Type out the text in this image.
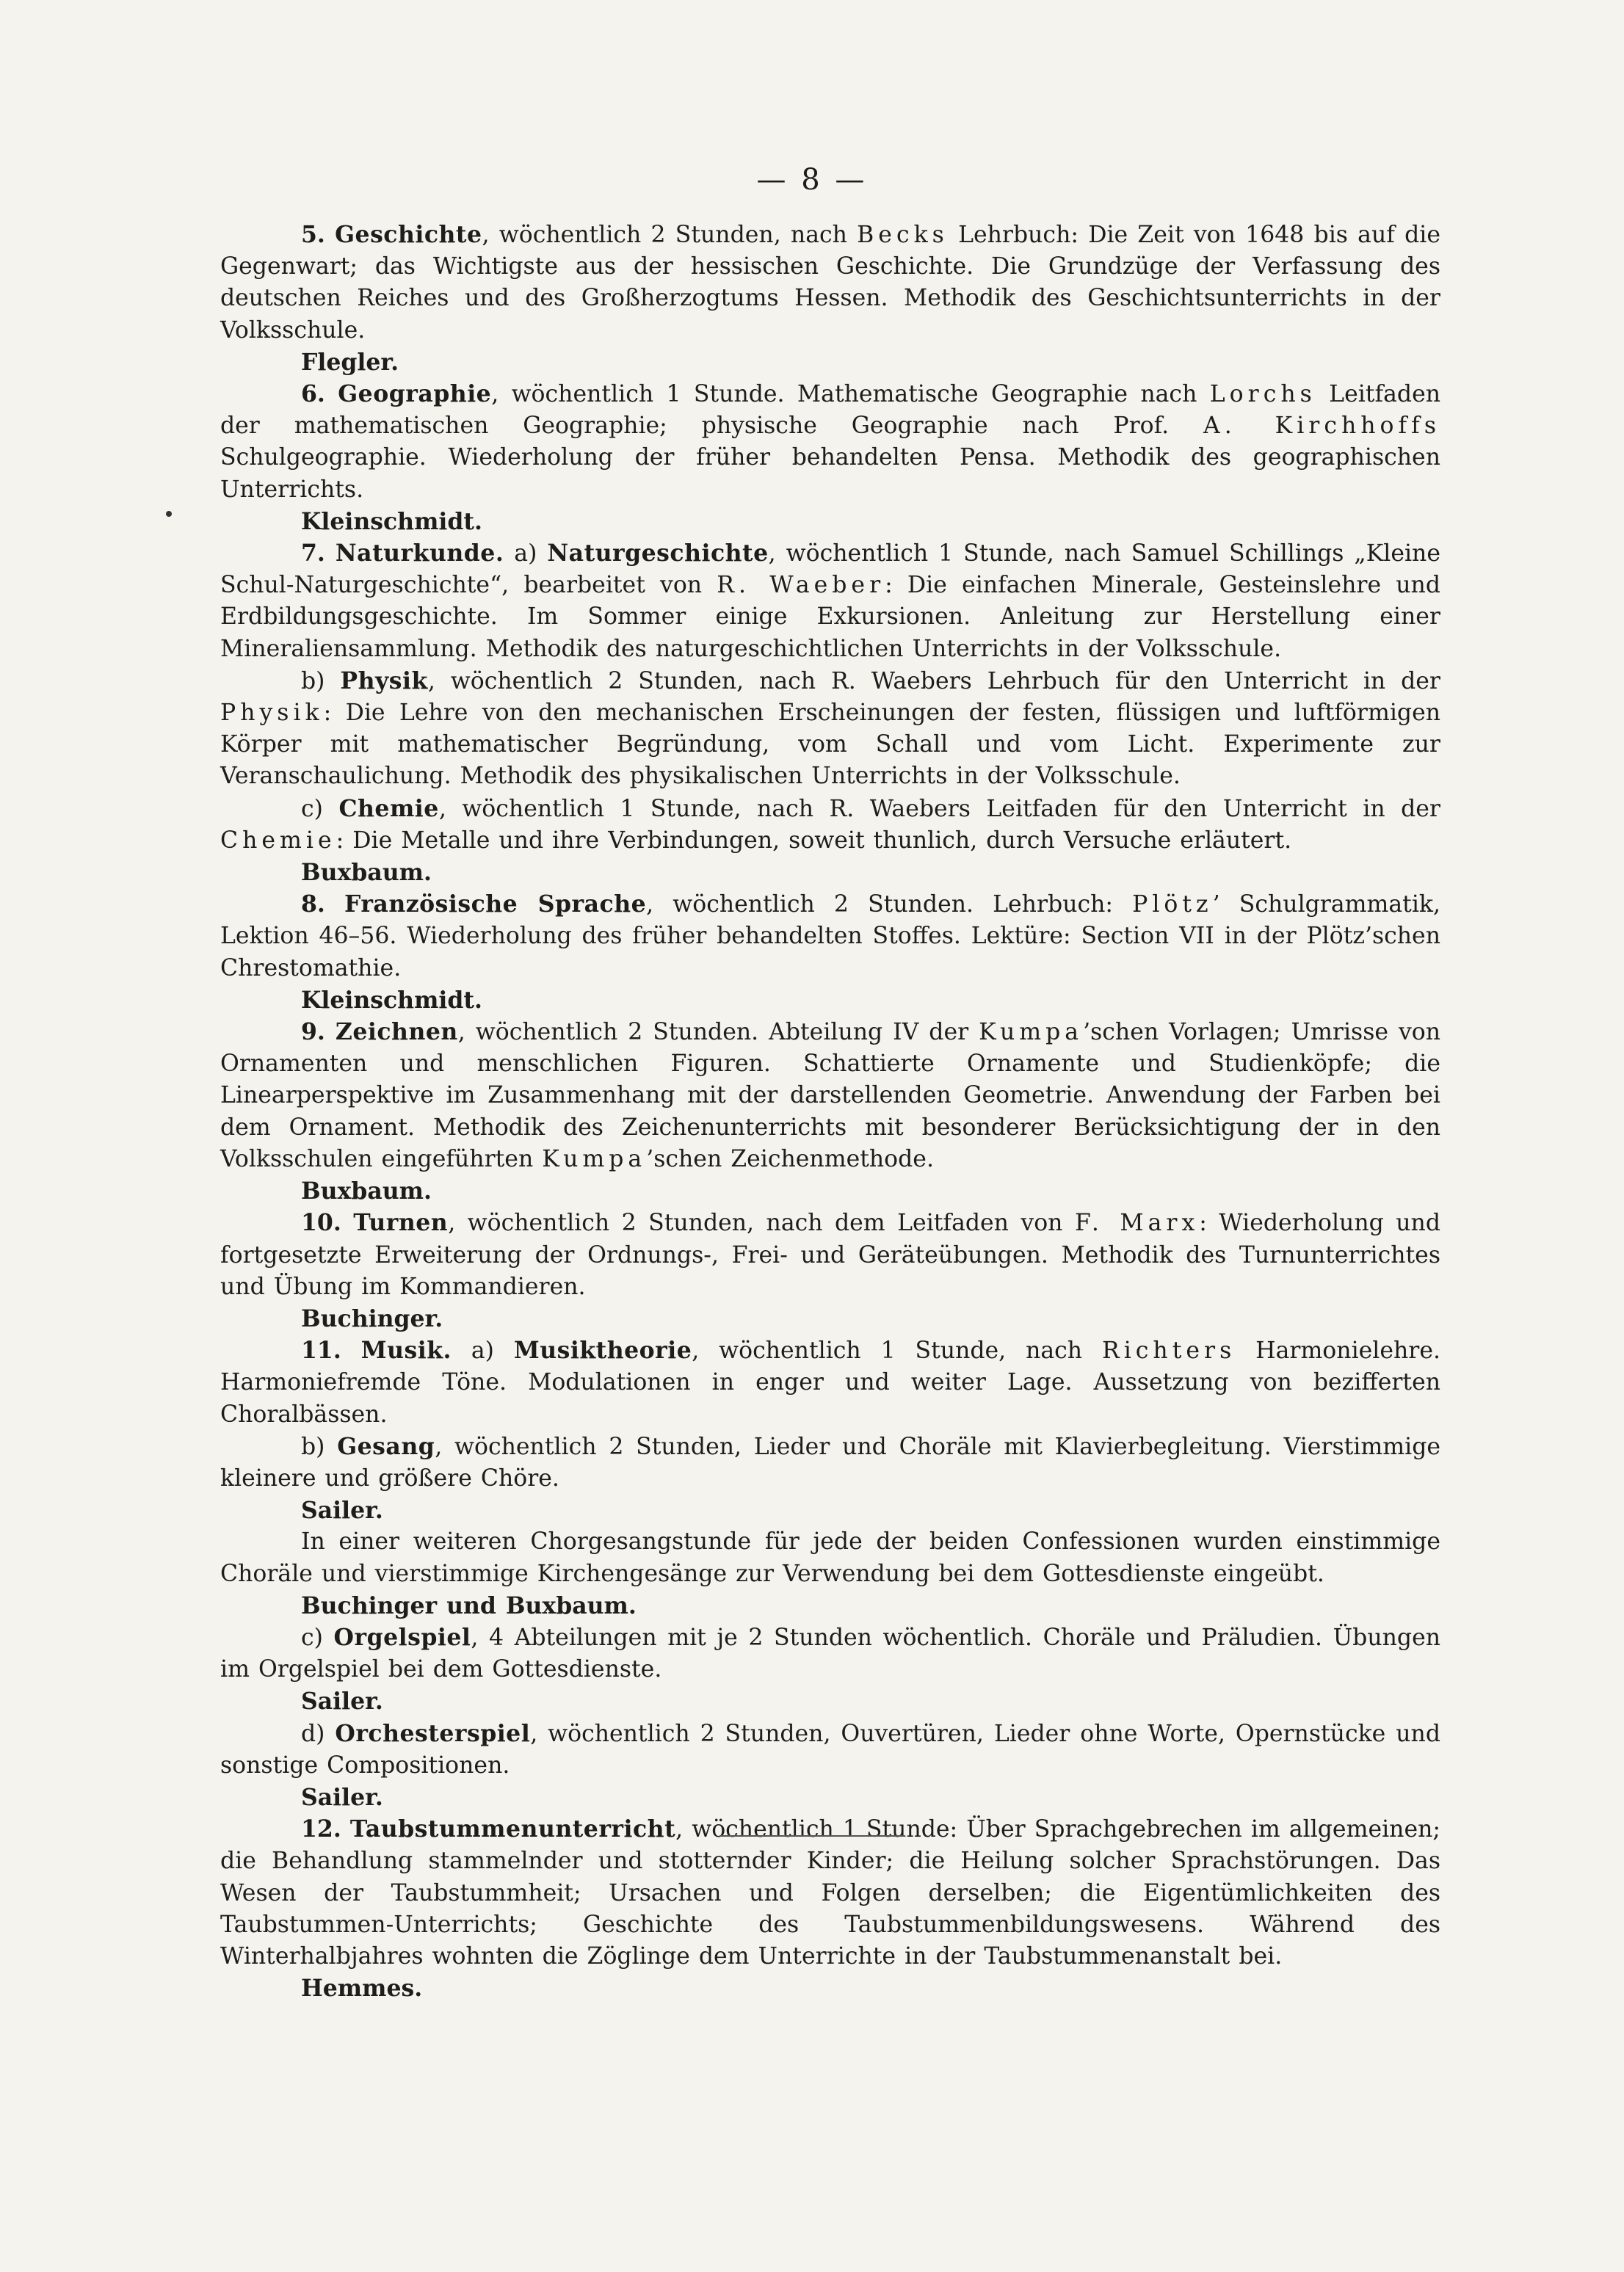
— 8 —

5. Geschichte, wöchentlich 2 Stunden, nach Becks Lehrbuch: Die Zeit von 1648 bis auf die Gegenwart; das Wichtigste aus der hessischen Geschichte. Die Grundzüge der Verfassung des deutschen Reiches und des Großherzogtums Hessen. Methodik des Geschichtsunterrichts in der Volksschule.
Flegler.

6. Geographie, wöchentlich 1 Stunde. Mathematische Geographie nach Lorchs Leitfaden der mathematischen Geographie; physische Geographie nach Prof. A. Kirchhoffs Schulgeographie. Wiederholung der früher behandelten Pensa. Methodik des geographischen Unterrichts.
Kleinschmidt.

7. Naturkunde. a) Naturgeschichte, wöchentlich 1 Stunde, nach Samuel Schillings „Kleine Schul-Naturgeschichte“, bearbeitet von R. Waeber: Die einfachen Minerale, Gesteinslehre und Erdbildungsgeschichte. Im Sommer einige Exkursionen. Anleitung zur Herstellung einer Mineraliensammlung. Methodik des naturgeschichtlichen Unterrichts in der Volksschule.

b) Physik, wöchentlich 2 Stunden, nach R. Waebers Lehrbuch für den Unterricht in der Physik: Die Lehre von den mechanischen Erscheinungen der festen, flüssigen und luftförmigen Körper mit mathematischer Begründung, vom Schall und vom Licht. Experimente zur Veranschaulichung. Methodik des physikalischen Unterrichts in der Volksschule.

c) Chemie, wöchentlich 1 Stunde, nach R. Waebers Leitfaden für den Unterricht in der Chemie: Die Metalle und ihre Verbindungen, soweit thunlich, durch Versuche erläutert.
Buxbaum.

8. Französische Sprache, wöchentlich 2 Stunden. Lehrbuch: Plötz’ Schulgrammatik, Lektion 46–56. Wiederholung des früher behandelten Stoffes. Lektüre: Section VII in der Plötz’schen Chrestomathie.
Kleinschmidt.

9. Zeichnen, wöchentlich 2 Stunden. Abteilung IV der Kumpa’schen Vorlagen; Umrisse von Ornamenten und menschlichen Figuren. Schattierte Ornamente und Studienköpfe; die Linearperspektive im Zusammenhang mit der darstellenden Geometrie. Anwendung der Farben bei dem Ornament. Methodik des Zeichenunterrichts mit besonderer Berücksichtigung der in den Volksschulen eingeführten Kumpa’schen Zeichenmethode.
Buxbaum.

10. Turnen, wöchentlich 2 Stunden, nach dem Leitfaden von F. Marx: Wiederholung und fortgesetzte Erweiterung der Ordnungs-, Frei- und Geräteübungen. Methodik des Turnunterrichtes und Übung im Kommandieren.
Buchinger.

11. Musik. a) Musiktheorie, wöchentlich 1 Stunde, nach Richters Harmonielehre. Harmoniefremde Töne. Modulationen in enger und weiter Lage. Aussetzung von bezifferten Choralbässen.

b) Gesang, wöchentlich 2 Stunden, Lieder und Choräle mit Klavierbegleitung. Vierstimmige kleinere und größere Chöre.
Sailer.

In einer weiteren Chorgesangstunde für jede der beiden Confessionen wurden einstimmige Choräle und vierstimmige Kirchengesänge zur Verwendung bei dem Gottesdienste eingeübt.
Buchinger und Buxbaum.

c) Orgelspiel, 4 Abteilungen mit je 2 Stunden wöchentlich. Choräle und Präludien. Übungen im Orgelspiel bei dem Gottesdienste.
Sailer.

d) Orchesterspiel, wöchentlich 2 Stunden, Ouvertüren, Lieder ohne Worte, Opernstücke und sonstige Compositionen.
Sailer.

12. Taubstummenunterricht, wöchentlich 1 Stunde: Über Sprachgebrechen im allgemeinen; die Behandlung stammelnder und stotternder Kinder; die Heilung solcher Sprachstörungen. Das Wesen der Taubstummheit; Ursachen und Folgen derselben; die Eigentümlichkeiten des Taubstummen-Unterrichts; Geschichte des Taubstummenbildungswesens. Während des Winterhalbjahres wohnten die Zöglinge dem Unterrichte in der Taubstummenanstalt bei.
Hemmes.
